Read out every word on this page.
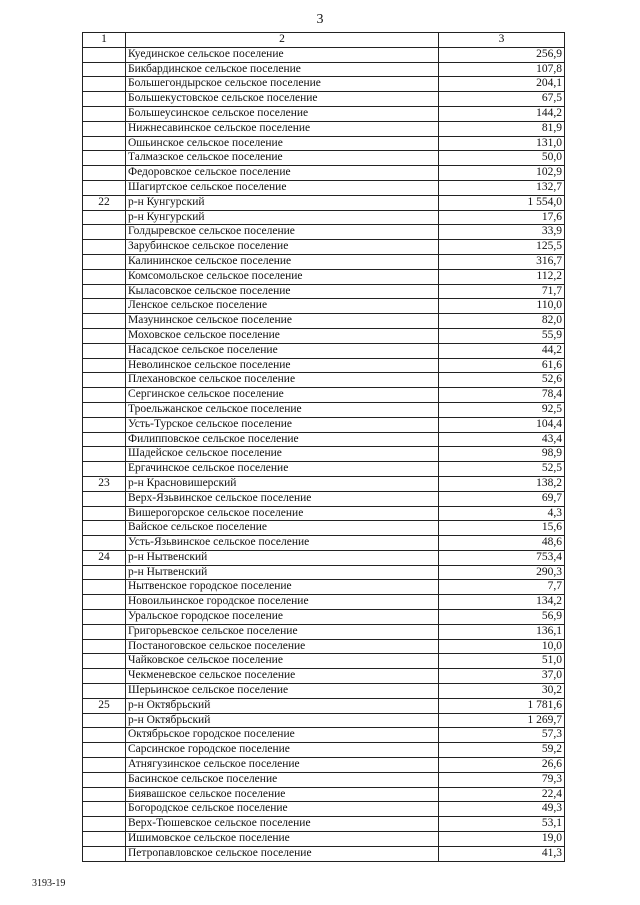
3
1	2	3
	Куединское сельское поселение	256,9
	Бикбардинское сельское поселение	107,8
	Большегондырское сельское поселение	204,1
	Большекустовское сельское поселение	67,5
	Большеусинское сельское поселение	144,2
	Нижнесавинское сельское поселение	81,9
	Ошьинское сельское поселение	131,0
	Талмазское сельское поселение	50,0
	Федоровское сельское поселение	102,9
	Шагиртское сельское поселение	132,7
22	р-н Кунгурский	1 554,0
	р-н Кунгурский	17,6
	Голдыревское сельское поселение	33,9
	Зарубинское сельское поселение	125,5
	Калининское сельское поселение	316,7
	Комсомольское сельское поселение	112,2
	Кыласовское сельское поселение	71,7
	Ленское сельское поселение	110,0
	Мазунинское сельское поселение	82,0
	Моховское сельское поселение	55,9
	Насадское сельское поселение	44,2
	Неволинское сельское поселение	61,6
	Плехановское сельское поселение	52,6
	Сергинское сельское поселение	78,4
	Троельжанское сельское поселение	92,5
	Усть-Турское сельское поселение	104,4
	Филипповское сельское поселение	43,4
	Шадейское сельское поселение	98,9
	Ергачинское сельское поселение	52,5
23	р-н Красновишерский	138,2
	Верх-Язьвинское сельское поселение	69,7
	Вишерогорское сельское поселение	4,3
	Вайское сельское поселение	15,6
	Усть-Язьвинское сельское поселение	48,6
24	р-н Нытвенский	753,4
	р-н Нытвенский	290,3
	Нытвенское городское поселение	7,7
	Новоильинское городское поселение	134,2
	Уральское городское поселение	56,9
	Григорьевское сельское поселение	136,1
	Постаноговское сельское поселение	10,0
	Чайковское сельское поселение	51,0
	Чекменевское сельское поселение	37,0
	Шерьинское сельское поселение	30,2
25	р-н Октябрьский	1 781,6
	р-н Октябрьский	1 269,7
	Октябрьское городское поселение	57,3
	Сарсинское городское поселение	59,2
	Атнягузинское сельское поселение	26,6
	Басинское сельское поселение	79,3
	Биявашское сельское поселение	22,4
	Богородское сельское поселение	49,3
	Верх-Тюшевское сельское поселение	53,1
	Ишимовское сельское поселение	19,0
	Петропавловское сельское поселение	41,3
3193-19
